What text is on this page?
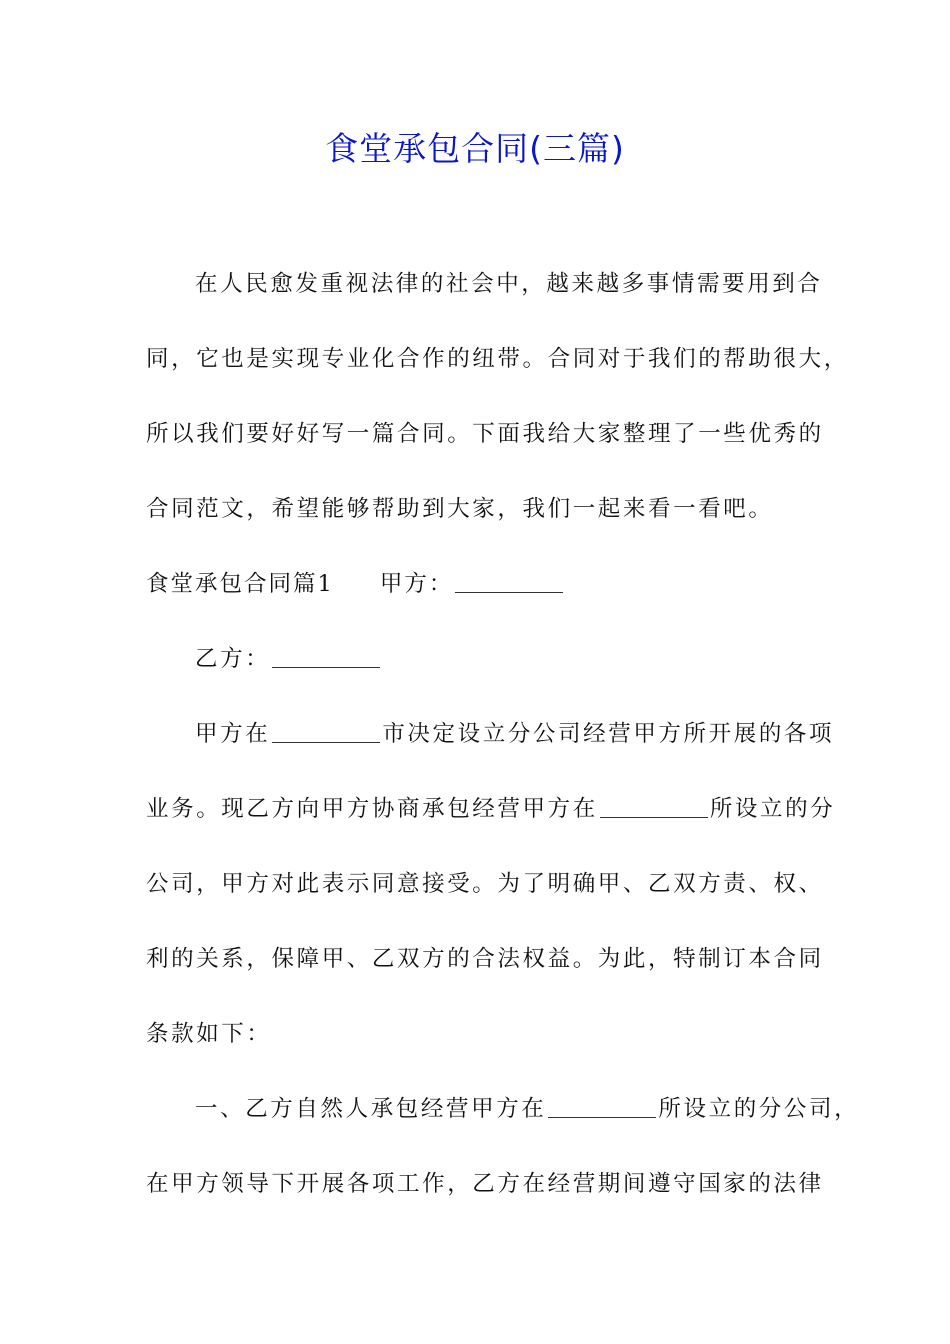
食堂承包合同(三篇)
在人民愈发重视法律的社会中，越来越多事情需要用到合
同，它也是实现专业化合作的纽带。合同对于我们的帮助很大，
所以我们要好好写一篇合同。下面我给大家整理了一些优秀的
合同范文，希望能够帮助到大家，我们一起来看一看吧。
食堂承包合同篇1 甲方：
乙方：
甲方在	市决定设立分公司经营甲方所开展的各项
业务。现乙方向甲方协商承包经营甲方在	所设立的分
公司，甲方对此表示同意接受。为了明确甲、乙双方责、权、
利的关系，保障甲、乙双方的合法权益。为此，特制订本合同
条款如下：
一、乙方自然人承包经营甲方在	所设立的分公司，
在甲方领导下开展各项工作，乙方在经营期间遵守国家的法律
